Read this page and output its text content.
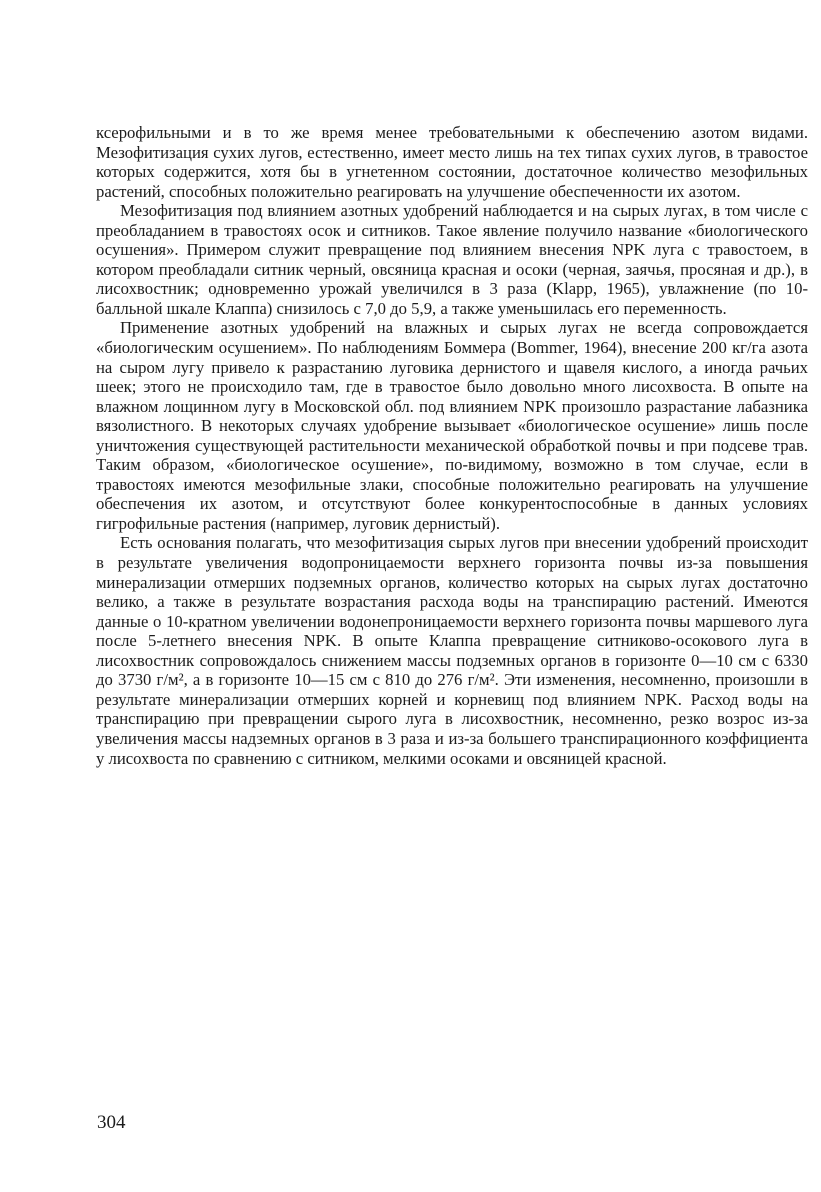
ксерофильными и в то же время менее требовательными к обеспечению азотом видами. Мезофитизация сухих лугов, естественно, имеет место лишь на тех типах сухих лугов, в травостое которых содержится, хотя бы в угнетенном состоянии, достаточное количество мезофильных растений, способных положительно реагировать на улучшение обеспеченности их азотом.

Мезофитизация под влиянием азотных удобрений наблюдается и на сырых лугах, в том числе с преобладанием в травостоях осок и ситников. Такое явление получило название «биологического осушения». Примером служит превращение под влиянием внесения NPK луга с травостоем, в котором преобладали ситник черный, овсяница красная и осоки (черная, заячья, просяная и др.), в лисохвостник; одновременно урожай увеличился в 3 раза (Klapp, 1965), увлажнение (по 10-балльной шкале Клаппа) снизилось с 7,0 до 5,9, а также уменьшилась его переменность.

Применение азотных удобрений на влажных и сырых лугах не всегда сопровождается «биологическим осушением». По наблюдениям Боммера (Bommer, 1964), внесение 200 кг/га азота на сыром лугу привело к разрастанию луговика дернистого и щавеля кислого, а иногда рачьих шеек; этого не происходило там, где в травостое было довольно много лисохвоста. В опыте на влажном лощинном лугу в Московской обл. под влиянием NPK произошло разрастание лабазника вязолистного. В некоторых случаях удобрение вызывает «биологическое осушение» лишь после уничтожения существующей растительности механической обработкой почвы и при подсеве трав. Таким образом, «биологическое осушение», по-видимому, возможно в том случае, если в травостоях имеются мезофильные злаки, способные положительно реагировать на улучшение обеспечения их азотом, и отсутствуют более конкурентоспособные в данных условиях гигрофильные растения (например, луговик дернистый).

Есть основания полагать, что мезофитизация сырых лугов при внесении удобрений происходит в результате увеличения водопроницаемости верхнего горизонта почвы из-за повышения минерализации отмерших подземных органов, количество которых на сырых лугах достаточно велико, а также в результате возрастания расхода воды на транспирацию растений. Имеются данные о 10-кратном увеличении водонепроницаемости верхнего горизонта почвы маршевого луга после 5-летнего внесения NPK. В опыте Клаппа превращение ситниково-осокового луга в лисохвостник сопровождалось снижением массы подземных органов в горизонте 0—10 см с 6330 до 3730 г/м², а в горизонте 10—15 см с 810 до 276 г/м². Эти изменения, несомненно, произошли в результате минерализации отмерших корней и корневищ под влиянием NPK. Расход воды на транспирацию при превращении сырого луга в лисохвостник, несомненно, резко возрос из-за увеличения массы надземных органов в 3 раза и из-за большего транспирационного коэффициента у лисохвоста по сравнению с ситником, мелкими осоками и овсяницей красной.

304
